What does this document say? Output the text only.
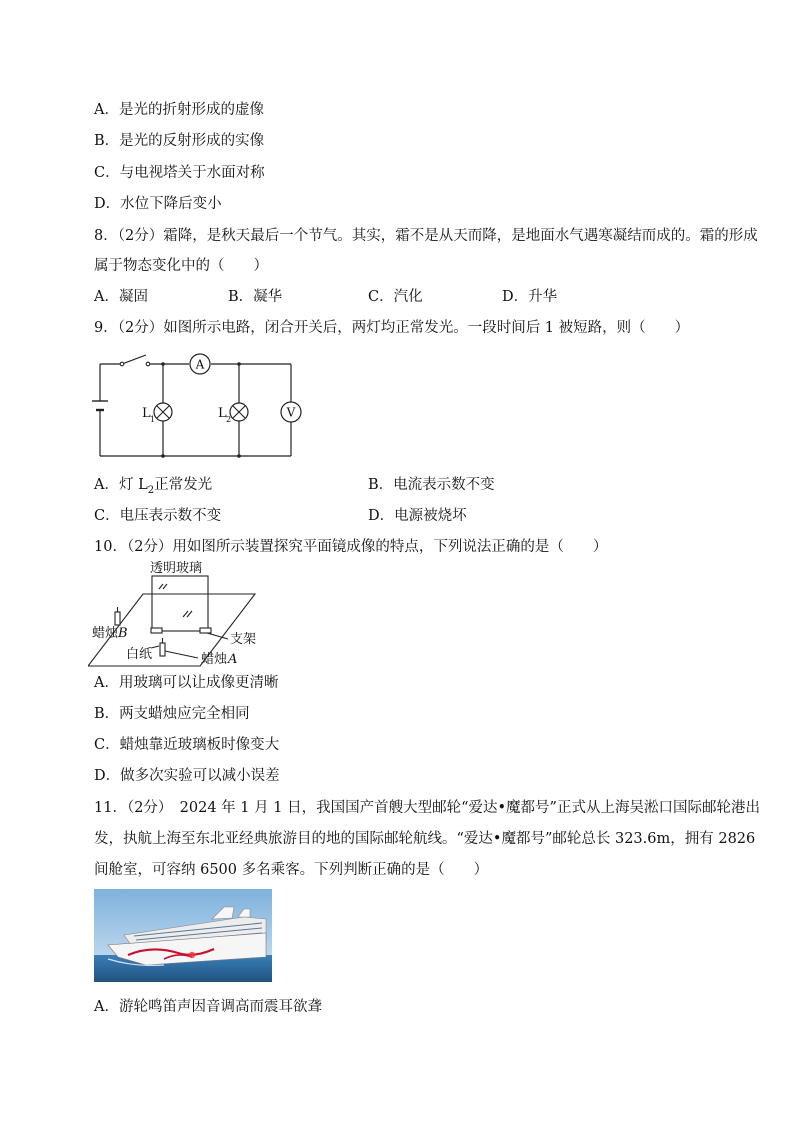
A．是光的折射形成的虚像
B．是光的反射形成的实像
C．与电视塔关于水面对称
D．水位下降后变小
8．（2分）霜降，是秋天最后一个节气。其实，霜不是从天而降，是地面水气遇寒凝结而成的。霜的形成
属于物态变化中的（　　）
A．凝固	B．凝华	C．汽化	D．升华
9．（2分）如图所示电路，闭合开关后，两灯均正常发光。一段时间后 1 被短路，则（　　）
A
L 1	L 2	V
A．灯 $L_2$正常发光	B．电流表示数不变
C．电压表示数不变	D．电源被烧坏
10．（2分）用如图所示装置探究平面镜成像的特点，下列说法正确的是（　　）
透明玻璃
蜡烛 B	支架
白纸	蜡烛 A
A．用玻璃可以让成像更清晰
B．两支蜡烛应完全相同
C．蜡烛靠近玻璃板时像变大
D．做多次实验可以减小误差
11．（2分）　2024 年 1 月 1 日，我国国产首艘大型邮轮“爱达•魔都号”正式从上海吴淞口国际邮轮港出
发，执航上海至东北亚经典旅游目的地的国际邮轮航线。“爱达•魔都号”邮轮总长 323.6m，拥有 2826
间舱室，可容纳 6500 多名乘客。下列判断正确的是（　　）
A．游轮鸣笛声因音调高而震耳欲聋
